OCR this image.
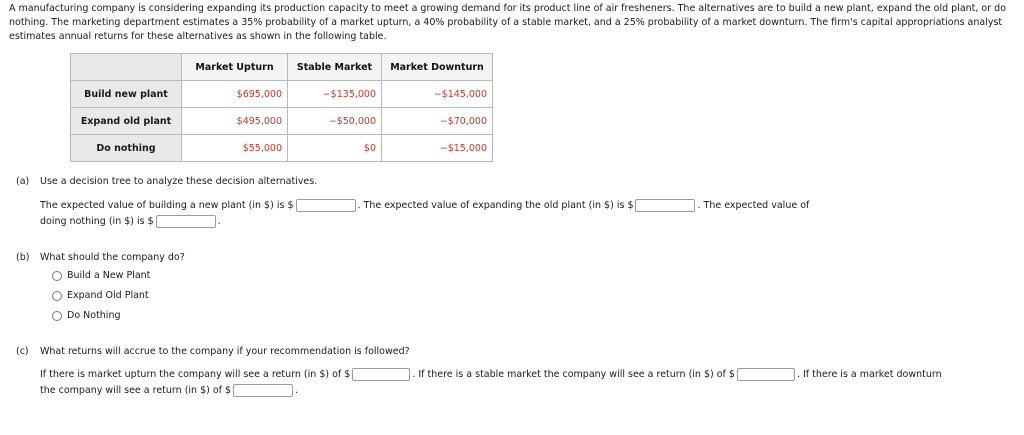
A manufacturing company is considering expanding its production capacity to meet a growing demand for its product line of air fresheners. The alternatives are to build a new plant, expand the old plant, or do nothing. The marketing department estimates a 35% probability of a market upturn, a 40% probability of a stable market, and a 25% probability of a market downturn. The firm's capital appropriations analyst estimates annual returns for these alternatives as shown in the following table.
	Market Upturn	Stable Market	Market Downturn
Build new plant	$695,000	−$135,000	−$145,000
Expand old plant	$495,000	−$50,000	−$70,000
Do nothing	$55,000	$0	−$15,000
(a) Use a decision tree to analyze these decision alternatives.
The expected value of building a new plant (in $) is $	. The expected value of expanding the old plant (in $) is $	. The expected value of
doing nothing (in $) is $	.
(b) What should the company do?
Build a New Plant
Expand Old Plant
Do Nothing
(c) What returns will accrue to the company if your recommendation is followed?
If there is market upturn the company will see a return (in $) of $	. If there is a stable market the company will see a return (in $) of $	. If there is a market downturn
the company will see a return (in $) of $	.
